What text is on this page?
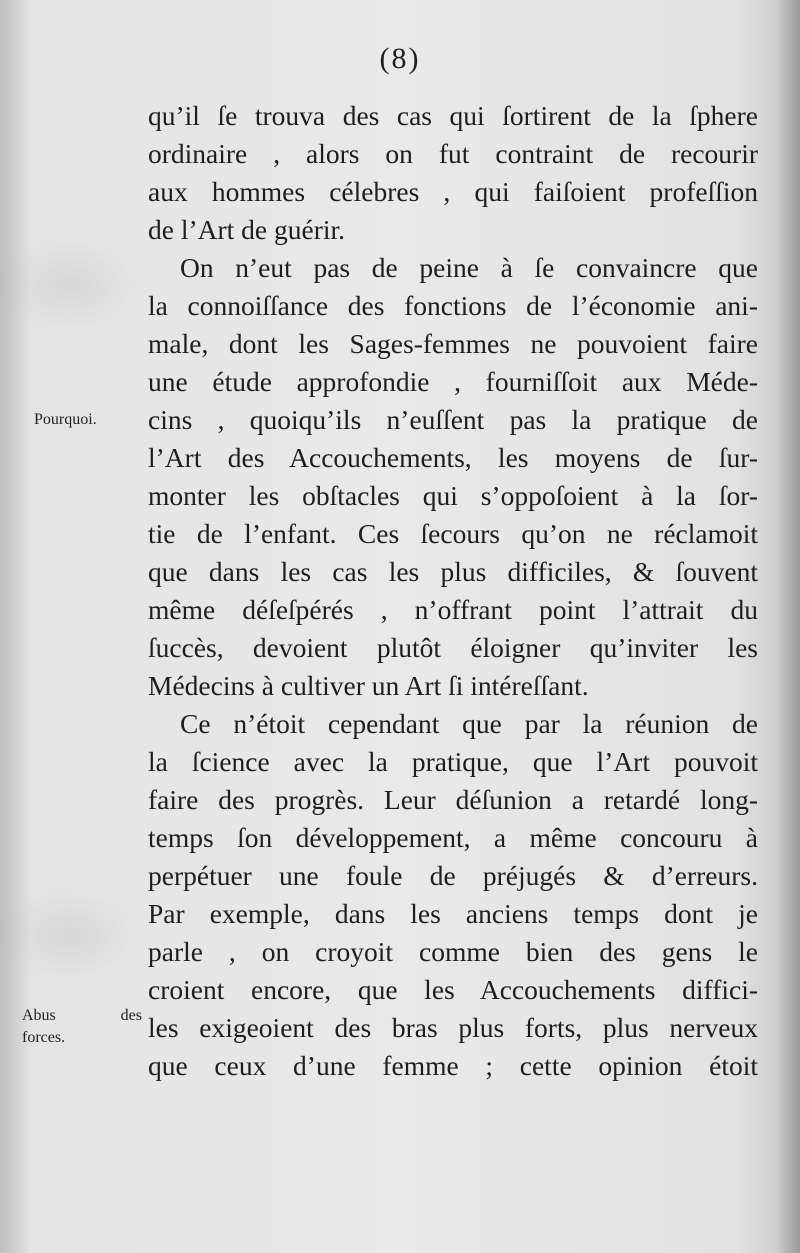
(8)
Pourquoi.
Abus des
forces.
qu’il ſe trouva des cas qui ſortirent de la ſphere
ordinaire , alors on fut contraint de recourir
aux hommes célebres , qui faiſoient profeſſion
de l’Art de guérir.
On n’eut pas de peine à ſe convaincre que
la connoiſſance des fonctions de l’économie ani-
male, dont les Sages-femmes ne pouvoient faire
une étude approfondie , fourniſſoit aux Méde-
cins , quoiqu’ils n’euſſent pas la pratique de
l’Art des Accouchements, les moyens de ſur-
monter les obſtacles qui s’oppoſoient à la ſor-
tie de l’enfant. Ces ſecours qu’on ne réclamoit
que dans les cas les plus difficiles, & ſouvent
même déſeſpérés , n’offrant point l’attrait du
ſuccès, devoient plutôt éloigner qu’inviter les
Médecins à cultiver un Art ſi intéreſſant.
Ce n’étoit cependant que par la réunion de
la ſcience avec la pratique, que l’Art pouvoit
faire des progrès. Leur déſunion a retardé long-
temps ſon développement, a même concouru à
perpétuer une foule de préjugés & d’erreurs.
Par exemple, dans les anciens temps dont je
parle , on croyoit comme bien des gens le
croient encore, que les Accouchements diffici-
les exigeoient des bras plus forts, plus nerveux
que ceux d’une femme ; cette opinion étoit
